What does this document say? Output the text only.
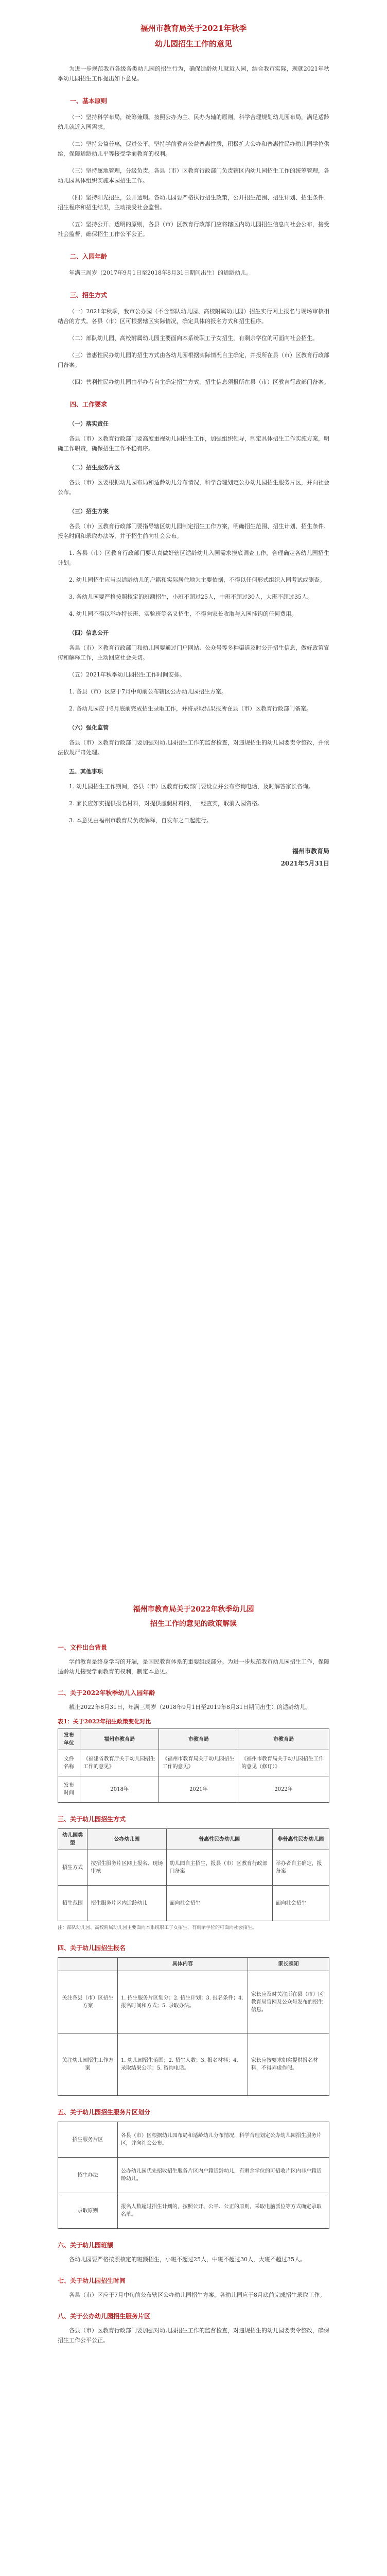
福州市教育局关于2021年秋季
幼儿园招生工作的意见

为进一步规范我市各级各类幼儿园的招生行为，确保适龄幼儿就近入园，结合我市实际，现就2021年秋季幼儿园招生工作提出如下意见。

一、基本原则

（一）坚持科学布局，统筹兼顾。按照公办为主、民办为辅的原则，科学合理规划幼儿园布局，满足适龄幼儿就近入园需求。

（二）坚持公益普惠，促进公平。坚持学前教育公益普惠性质，积极扩大公办和普惠性民办幼儿园学位供给，保障适龄幼儿平等接受学前教育的权利。

（三）坚持属地管理，分级负责。各县（市）区教育行政部门负责辖区内幼儿园招生工作的统筹管理，各幼儿园具体组织实施本园招生工作。

（四）坚持阳光招生，公开透明。各幼儿园要严格执行招生政策，公开招生范围、招生计划、招生条件、招生程序和招生结果，主动接受社会监督。

（五）坚持公开、透明的原则，各县（市）区教育行政部门应将辖区内幼儿园招生信息向社会公布，接受社会监督，确保招生工作公平公正。

二、入园年龄

年满三周岁（2017年9月1日至2018年8月31日期间出生）的适龄幼儿。

三、招生方式

（一）2021年秋季，我市公办园（不含部队幼儿园、高校附属幼儿园）招生实行网上报名与现场审核相结合的方式。各县（市）区可根据辖区实际情况，确定具体的报名方式和招生程序。

（二）部队幼儿园、高校附属幼儿园主要面向本系统职工子女招生，有剩余学位的可面向社会招生。

（三）普惠性民办幼儿园的招生方式由各幼儿园根据实际情况自主确定，并报所在县（市）区教育行政部门备案。

（四）营利性民办幼儿园由举办者自主确定招生方式，招生信息须报所在县（市）区教育行政部门备案。

四、工作要求
（一）落实责任

各县（市）区教育行政部门要高度重视幼儿园招生工作，加强组织领导，制定具体招生工作实施方案，明确工作职责，确保招生工作平稳有序。

（二）招生服务片区

各县（市）区要根据幼儿园布局和适龄幼儿分布情况，科学合理划定公办幼儿园招生服务片区，并向社会公布。

（三）招生方案

各县（市）区教育行政部门要指导辖区幼儿园制定招生工作方案，明确招生范围、招生计划、招生条件、报名时间和录取办法等，并于招生前向社会公布。

1. 各县（市）区教育行政部门要认真做好辖区适龄幼儿入园需求摸底调查工作，合理确定各幼儿园招生计划。

2. 幼儿园招生应当以适龄幼儿的户籍和实际居住地为主要依据，不得以任何形式组织入园考试或测查。

3. 各幼儿园要严格按照核定的班额招生，小班不超过25人，中班不超过30人，大班不超过35人。

4. 幼儿园不得以举办特长班、实验班等名义招生，不得向家长收取与入园挂钩的任何费用。

（四）信息公开

各县（市）区教育行政部门和幼儿园要通过门户网站、公众号等多种渠道及时公开招生信息，做好政策宣传和解释工作，主动回应社会关切。

（五）2021年秋季幼儿园招生工作时间安排。

1. 各县（市）区应于7月中旬前公布辖区公办幼儿园招生方案。

2. 各幼儿园应于8月底前完成招生录取工作，并将录取结果报所在县（市）区教育行政部门备案。

（六）强化监管

各县（市）区教育行政部门要加强对幼儿园招生工作的监督检查，对违规招生的幼儿园要责令整改，并依法依规严肃处理。

五、其他事项

1. 幼儿园招生工作期间，各县（市）区教育行政部门要设立并公布咨询电话，及时解答家长咨询。

2. 家长应如实提供报名材料，对提供虚假材料的，一经查实，取消入园资格。

3. 本意见由福州市教育局负责解释，自发布之日起施行。

福州市教育局

2021年5月31日

福州市教育局关于2022年秋季幼儿园
招生工作的意见的政策解读
一、文件出台背景

学前教育是终身学习的开端，是国民教育体系的重要组成部分。为进一步规范我市幼儿园招生工作，保障适龄幼儿接受学前教育的权利，制定本意见。

二、关于2022年秋季幼儿入园年龄

截止2022年8月31日，年满三周岁（2018年9月1日至2019年8月31日期间出生）的适龄幼儿。

表1：关于2022年招生政策变化对比
发布单位	福州市教育局	市教育局	市教育局
文件名称	《福建省教育厅关于幼儿园招生工作的意见》	《福州市教育局关于幼儿园招生工作的意见》	《福州市教育局关于幼儿园招生工作的意见（修订）》
发布时间	2018年	2021年	2022年
三、关于幼儿园招生方式
幼儿园类型	公办幼儿园	普惠性民办幼儿园	非普惠性民办幼儿园
招生方式	按招生服务片区网上报名、现场审核	幼儿园自主招生，报县（市）区教育行政部门备案	举办者自主确定，报备案
招生范围	招生服务片区内适龄幼儿	面向社会招生	面向社会招生

注：部队幼儿园、高校附属幼儿园主要面向本系统职工子女招生，有剩余学位的可面向社会招生。

四、关于幼儿园招生报名
	具体内容	家长须知
关注各县（市）区招生方案	1. 招生服务片区划分；2. 招生计划；3. 报名条件；4. 报名时间和方式；5. 录取办法。	家长应及时关注所在县（市）区教育局官网及公众号发布的招生信息。
关注幼儿园招生工作方案	1. 幼儿园招生范围；2. 招生人数；3. 报名材料；4. 录取结果公示；5. 咨询电话。	家长应按要求如实提供报名材料，不得弄虚作假。
五、关于幼儿园招生服务片区划分
招生服务片区	各县（市）区根据幼儿园布局和适龄幼儿分布情况，科学合理划定公办幼儿园招生服务片区，并向社会公布。
招生办法	公办幼儿园优先招收招生服务片区内户籍适龄幼儿，有剩余学位的可招收片区内非户籍适龄幼儿。
录取原则	报名人数超过招生计划的，按照公开、公平、公正的原则，采取电脑派位等方式确定录取名单。
六、关于幼儿园班额

各幼儿园要严格按照核定的班额招生，小班不超过25人，中班不超过30人，大班不超过35人。

七、关于幼儿园招生时间

各县（市）区应于7月中旬前公布辖区公办幼儿园招生方案，各幼儿园应于8月底前完成招生录取工作。

八、关于公办幼儿园招生服务片区

各县（市）区教育行政部门要加强对幼儿园招生工作的监督检查，对违规招生的幼儿园要责令整改，确保招生工作公平公正。
